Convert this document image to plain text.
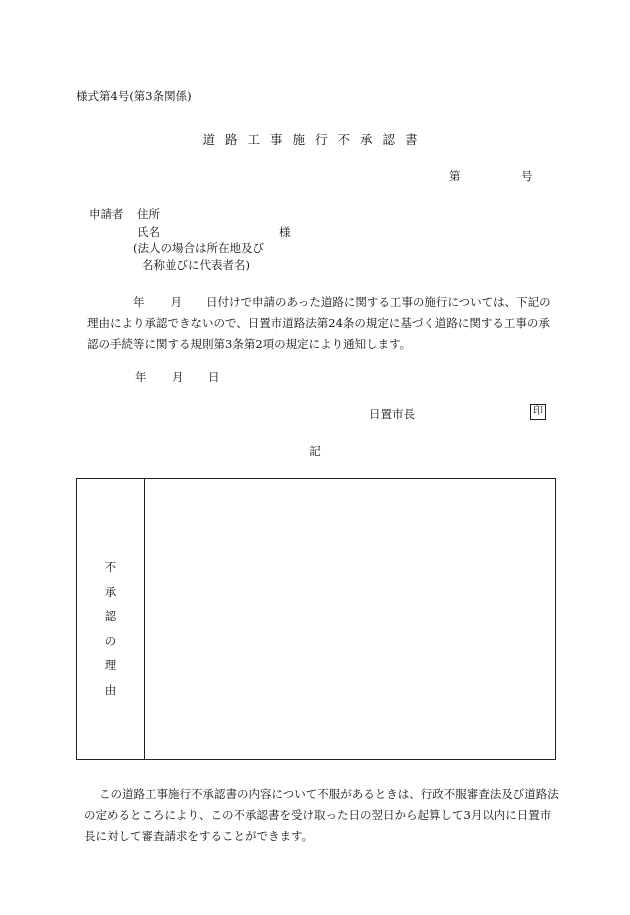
様式第4号(第3条関係)
道路工事施行不承認書
第	号
申請者 住所
氏名	様
(法人の場合は所在地及び
名称並びに代表者名)
年 月 日付けで申請のあった道路に関する工事の施行については、下記の
理由により承認できないので、日置市道路法第24条の規定に基づく道路に関する工事の承
認の手続等に関する規則第3条第2項の規定により通知します。
年 月 日
日置市長	印
記
不
承
認
の
理
由
この道路工事施行不承認書の内容について不服があるときは、行政不服審査法及び道路法
の定めるところにより、この不承認書を受け取った日の翌日から起算して3月以内に日置市
長に対して審査請求をすることができます。
